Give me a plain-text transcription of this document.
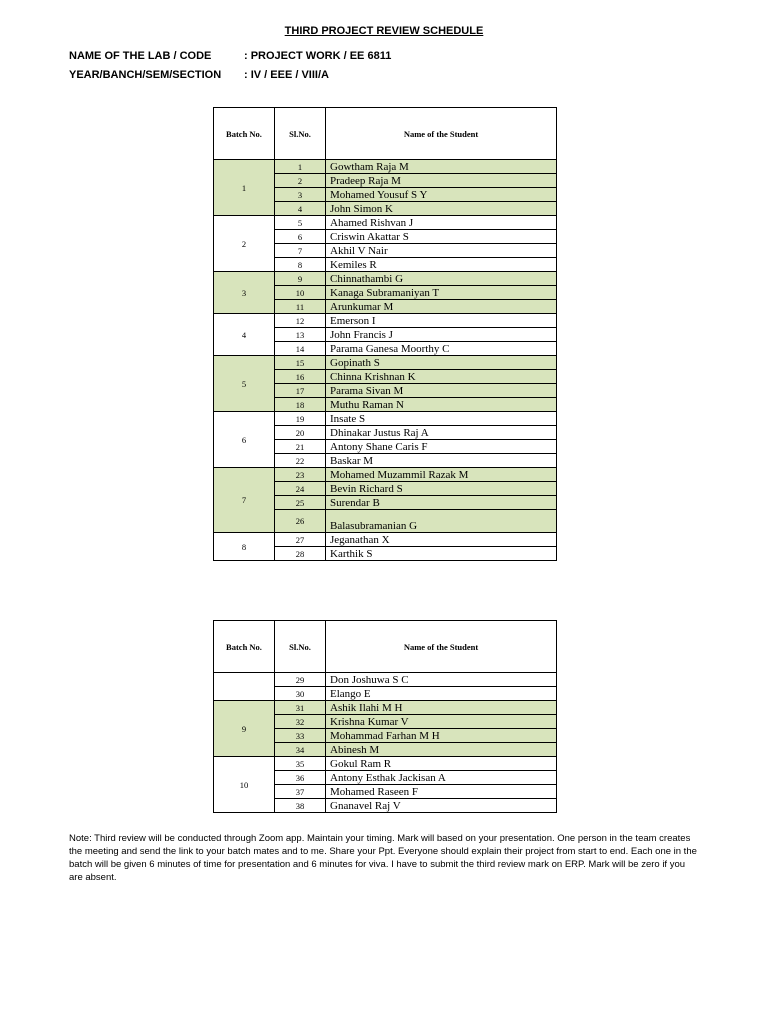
THIRD PROJECT REVIEW SCHEDULE
NAME OF THE LAB / CODE	: PROJECT WORK / EE 6811
YEAR/BANCH/SEM/SECTION : IV / EEE / VIII/A
Batch No.	Sl.No.	Name of the Student
1	1	Gowtham Raja M
	2	Pradeep Raja M
	3	Mohamed Yousuf S Y
	4	John Simon K
2	5	Ahamed Rishvan J
	6	Criswin Akattar S
	7	Akhil V Nair
	8	Kemiles R
3	9	Chinnathambi G
	10	Kanaga Subramaniyan T
	11	Arunkumar M
4	12	Emerson I
	13	John Francis J
	14	Parama Ganesa Moorthy C
5	15	Gopinath S
	16	Chinna Krishnan K
	17	Parama Sivan M
	18	Muthu Raman N
6	19	Insate S
	20	Dhinakar Justus Raj A
	21	Antony Shane Caris F
	22	Baskar M
7	23	Mohamed Muzammil Razak M
	24	Bevin Richard S
	25	Surendar B
	26	Balasubramanian G
8	27	Jeganathan X
	28	Karthik S
Batch No.	Sl.No.	Name of the Student
	29	Don Joshuwa S C
	30	Elango E
9	31	Ashik Ilahi M H
	32	Krishna Kumar V
	33	Mohammad Farhan M H
	34	Abinesh M
10	35	Gokul Ram R
	36	Antony Esthak Jackisan A
	37	Mohamed Raseen F
	38	Gnanavel Raj V
Note: Third review will be conducted through Zoom app. Maintain your timing. Mark will based on your presentation. One person in the team creates the meeting and send the link to your batch mates and to me. Share your Ppt. Everyone should explain their project from start to end. Each one in the batch will be given 6 minutes of time for presentation and 6 minutes for viva. I have to submit the third review mark on ERP. Mark will be zero if you are absent.
